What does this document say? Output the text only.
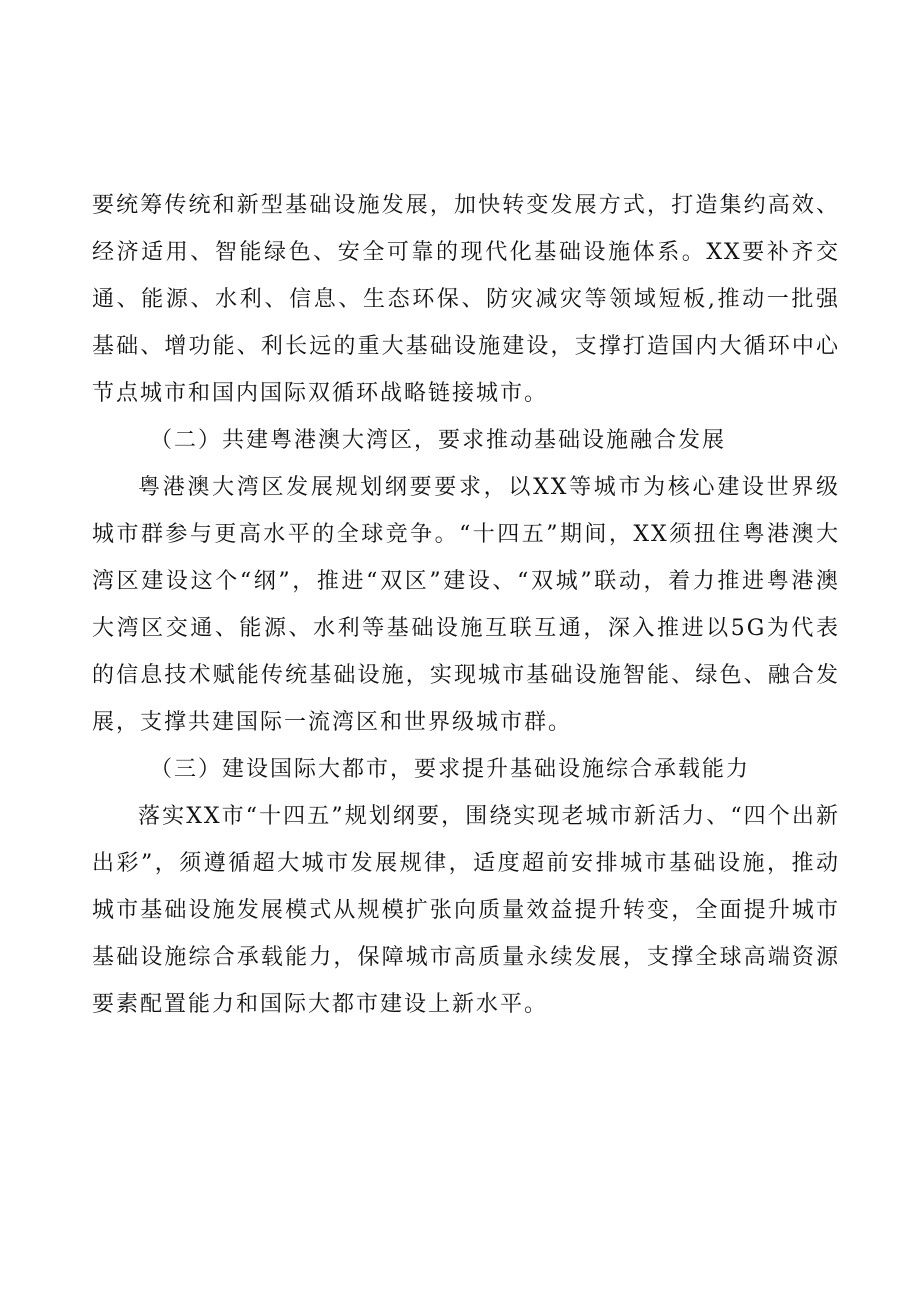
要统筹传统和新型基础设施发展，加快转变发展方式，打造集约高效、经济适用、智能绿色、安全可靠的现代化基础设施体系。XX要补齐交通、能源、水利、信息、生态环保、防灾减灾等领域短板,推动一批强基础、增功能、利长远的重大基础设施建设，支撑打造国内大循环中心节点城市和国内国际双循环战略链接城市。

（二）共建粤港澳大湾区，要求推动基础设施融合发展

粤港澳大湾区发展规划纲要要求，以XX等城市为核心建设世界级城市群参与更高水平的全球竞争。“十四五”期间，XX须扭住粤港澳大湾区建设这个“纲”，推进“双区”建设、“双城”联动，着力推进粤港澳大湾区交通、能源、水利等基础设施互联互通，深入推进以5G为代表的信息技术赋能传统基础设施，实现城市基础设施智能、绿色、融合发展，支撑共建国际一流湾区和世界级城市群。

（三）建设国际大都市，要求提升基础设施综合承载能力

落实XX市“十四五”规划纲要，围绕实现老城市新活力、“四个出新出彩”，须遵循超大城市发展规律，适度超前安排城市基础设施，推动城市基础设施发展模式从规模扩张向质量效益提升转变，全面提升城市基础设施综合承载能力，保障城市高质量永续发展，支撑全球高端资源要素配置能力和国际大都市建设上新水平。
